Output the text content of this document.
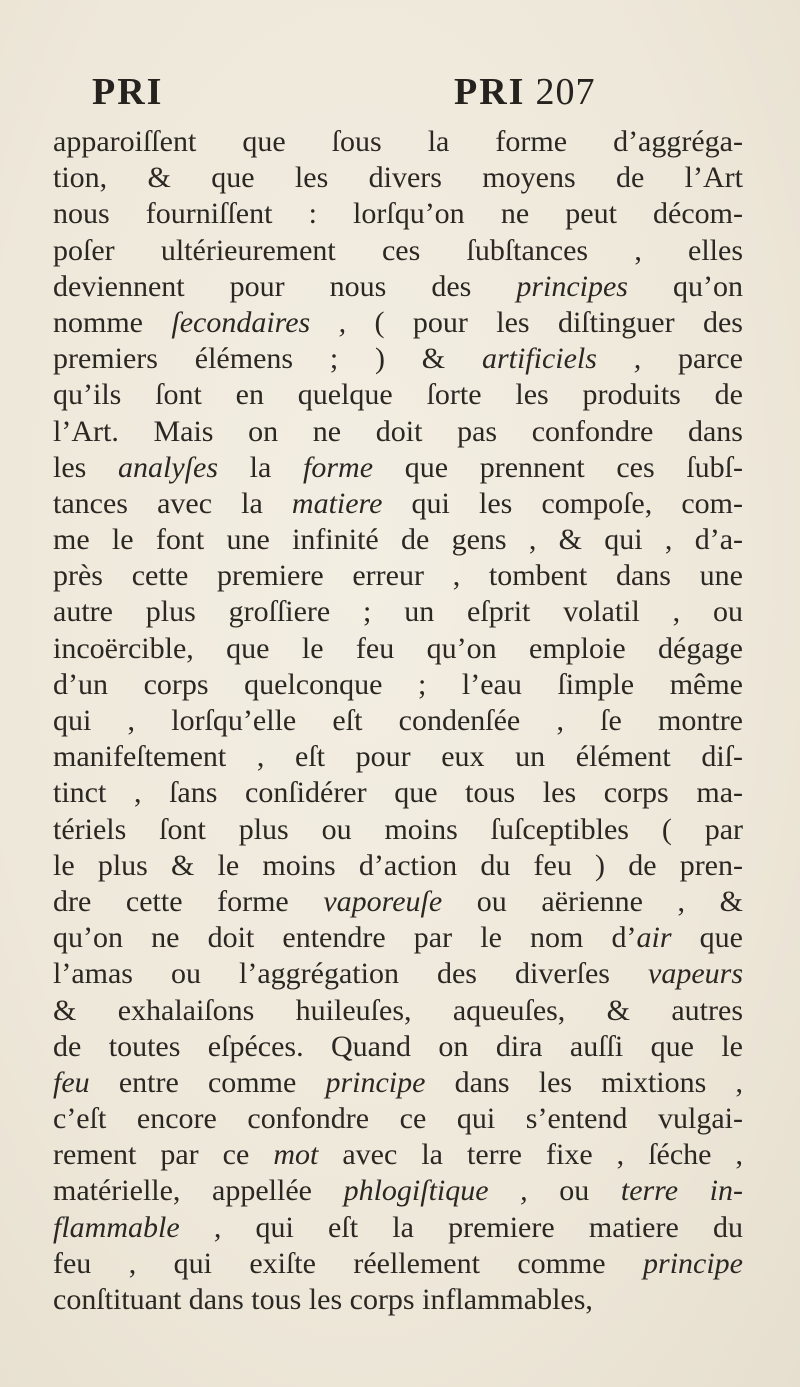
PRI	PRI 207
apparoiſſent que ſous la forme d’aggréga-
tion, & que les divers moyens de l’Art
nous fourniſſent : lorſqu’on ne peut décom-
poſer ultérieurement ces ſubſtances , elles
deviennent pour nous des principes qu’on
nomme ſecondaires , ( pour les diſtinguer des
premiers élémens ; ) & artificiels , parce
qu’ils ſont en quelque ſorte les produits de
l’Art. Mais on ne doit pas confondre dans
les analyſes la forme que prennent ces ſubſ-
tances avec la matiere qui les compoſe, com-
me le font une infinité de gens , & qui , d’a-
près cette premiere erreur , tombent dans une
autre plus groſſiere ; un eſprit volatil , ou
incoërcible, que le feu qu’on emploie dégage
d’un corps quelconque ; l’eau ſimple même
qui , lorſqu’elle eſt condenſée , ſe montre
manifeſtement , eſt pour eux un élément diſ-
tinct , ſans conſidérer que tous les corps ma-
tériels ſont plus ou moins ſuſceptibles ( par
le plus & le moins d’action du feu ) de pren-
dre cette forme vaporeuſe ou aërienne , &
qu’on ne doit entendre par le nom d’air que
l’amas ou l’aggrégation des diverſes vapeurs
& exhalaiſons huileuſes, aqueuſes, & autres
de toutes eſpéces. Quand on dira auſſi que le
feu entre comme principe dans les mixtions ,
c’eſt encore confondre ce qui s’entend vulgai-
rement par ce mot avec la terre fixe , ſéche ,
matérielle, appellée phlogiſtique , ou terre in-
flammable , qui eſt la premiere matiere du
feu , qui exiſte réellement comme principe
conſtituant dans tous les corps inflammables,
